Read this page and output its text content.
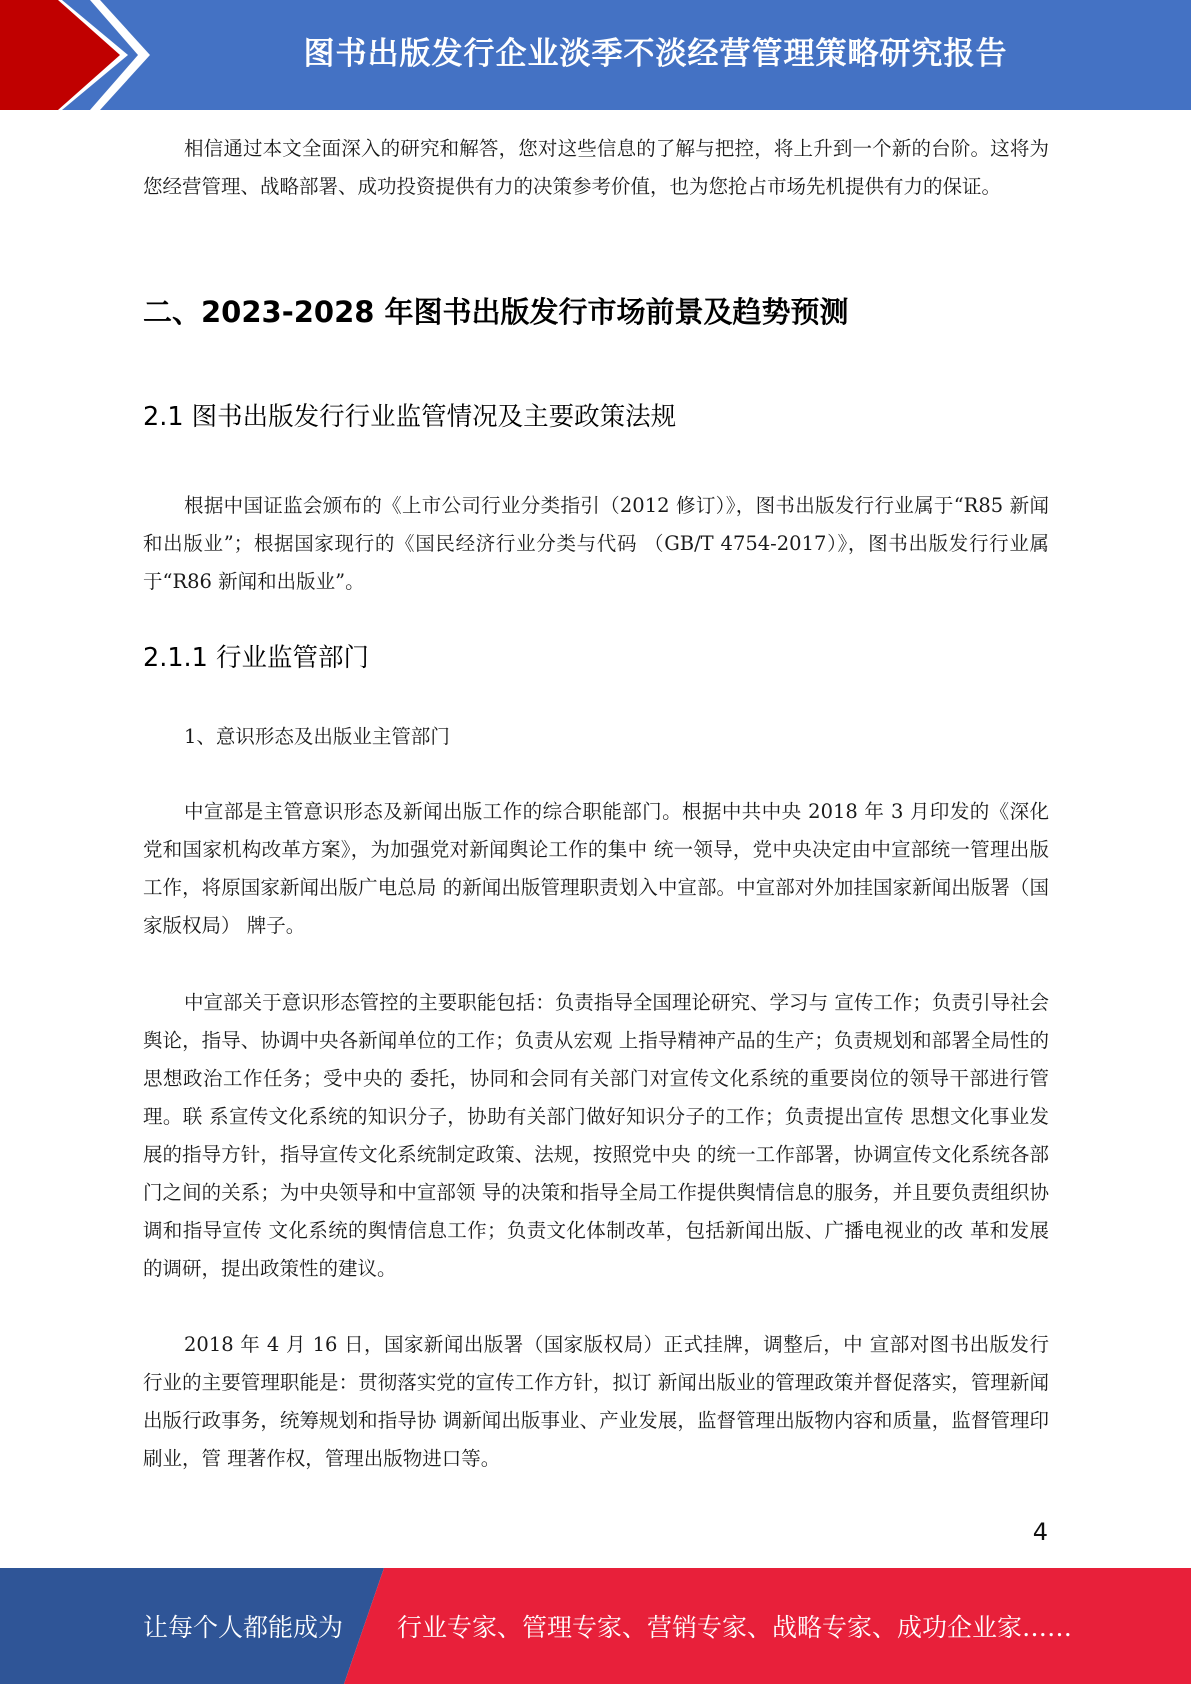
图书出版发行企业淡季不淡经营管理策略研究报告

相信通过本文全面深入的研究和解答，您对这些信息的了解与把控，将上升到一个新的台阶。这将为您经营管理、战略部署、成功投资提供有力的决策参考价值，也为您抢占市场先机提供有力的保证。

二、2023-2028 年图书出版发行市场前景及趋势预测
2.1 图书出版发行行业监管情况及主要政策法规

根据中国证监会颁布的《上市公司行业分类指引（2012 修订）》，图书出版发行行业属于“R85 新闻和出版业”；根据国家现行的《国民经济行业分类与代码 （GB/T 4754-2017）》，图书出版发行行业属于“R86 新闻和出版业”。

2.1.1 行业监管部门

1、意识形态及出版业主管部门

中宣部是主管意识形态及新闻出版工作的综合职能部门。根据中共中央 2018 年 3 月印发的《深化党和国家机构改革方案》，为加强党对新闻舆论工作的集中 统一领导，党中央决定由中宣部统一管理出版工作，将原国家新闻出版广电总局 的新闻出版管理职责划入中宣部。中宣部对外加挂国家新闻出版署（国家版权局） 牌子。

中宣部关于意识形态管控的主要职能包括：负责指导全国理论研究、学习与 宣传工作；负责引导社会舆论，指导、协调中央各新闻单位的工作；负责从宏观 上指导精神产品的生产；负责规划和部署全局性的思想政治工作任务；受中央的 委托，协同和会同有关部门对宣传文化系统的重要岗位的领导干部进行管理。联 系宣传文化系统的知识分子，协助有关部门做好知识分子的工作；负责提出宣传 思想文化事业发展的指导方针，指导宣传文化系统制定政策、法规，按照党中央 的统一工作部署，协调宣传文化系统各部门之间的关系；为中央领导和中宣部领 导的决策和指导全局工作提供舆情信息的服务，并且要负责组织协调和指导宣传 文化系统的舆情信息工作；负责文化体制改革，包括新闻出版、广播电视业的改 革和发展的调研，提出政策性的建议。

2018 年 4 月 16 日，国家新闻出版署（国家版权局）正式挂牌，调整后，中 宣部对图书出版发行行业的主要管理职能是：贯彻落实党的宣传工作方针，拟订 新闻出版业的管理政策并督促落实，管理新闻出版行政事务，统筹规划和指导协 调新闻出版事业、产业发展，监督管理出版物内容和质量，监督管理印刷业，管 理著作权，管理出版物进口等。

4
让每个人都能成为 行业专家、管理专家、营销专家、战略专家、成功企业家……
